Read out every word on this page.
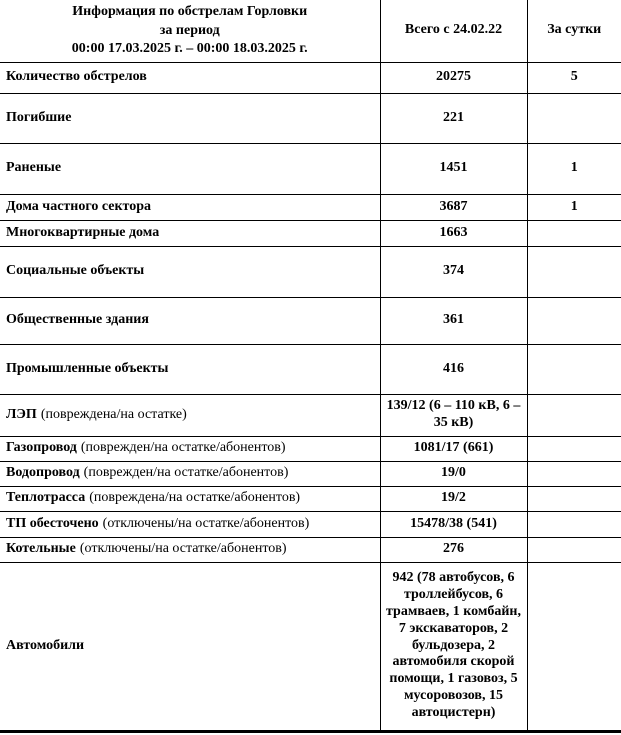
Информация по обстрелам Горловки
за период
00:00 17.03.2025 г. – 00:00 18.03.2025 г.	Всего с 24.02.22	За сутки
Количество обстрелов	20275	5
Погибшие	221	
Раненые	1451	1
Дома частного сектора	3687	1
Многоквартирные дома	1663	
Социальные объекты	374	
Общественные здания	361	
Промышленные объекты	416	
ЛЭП (повреждена/на остатке)	139/12 (6 – 110 кВ, 6 – 35 кВ)	
Газопровод (поврежден/на остатке/абонентов)	1081/17 (661)	
Водопровод (поврежден/на остатке/абонентов)	19/0	
Теплотрасса (повреждена/на остатке/абонентов)	19/2	
ТП обесточено (отключены/на остатке/абонентов)	15478/38 (541)	
Котельные (отключены/на остатке/абонентов)	276	
Автомобили	942 (78 автобусов, 6 троллейбусов, 6 трамваев, 1 комбайн, 7 экскаваторов, 2 бульдозера, 2 автомобиля скорой помощи, 1 газовоз, 5 мусоровозов, 15 автоцистерн)	
